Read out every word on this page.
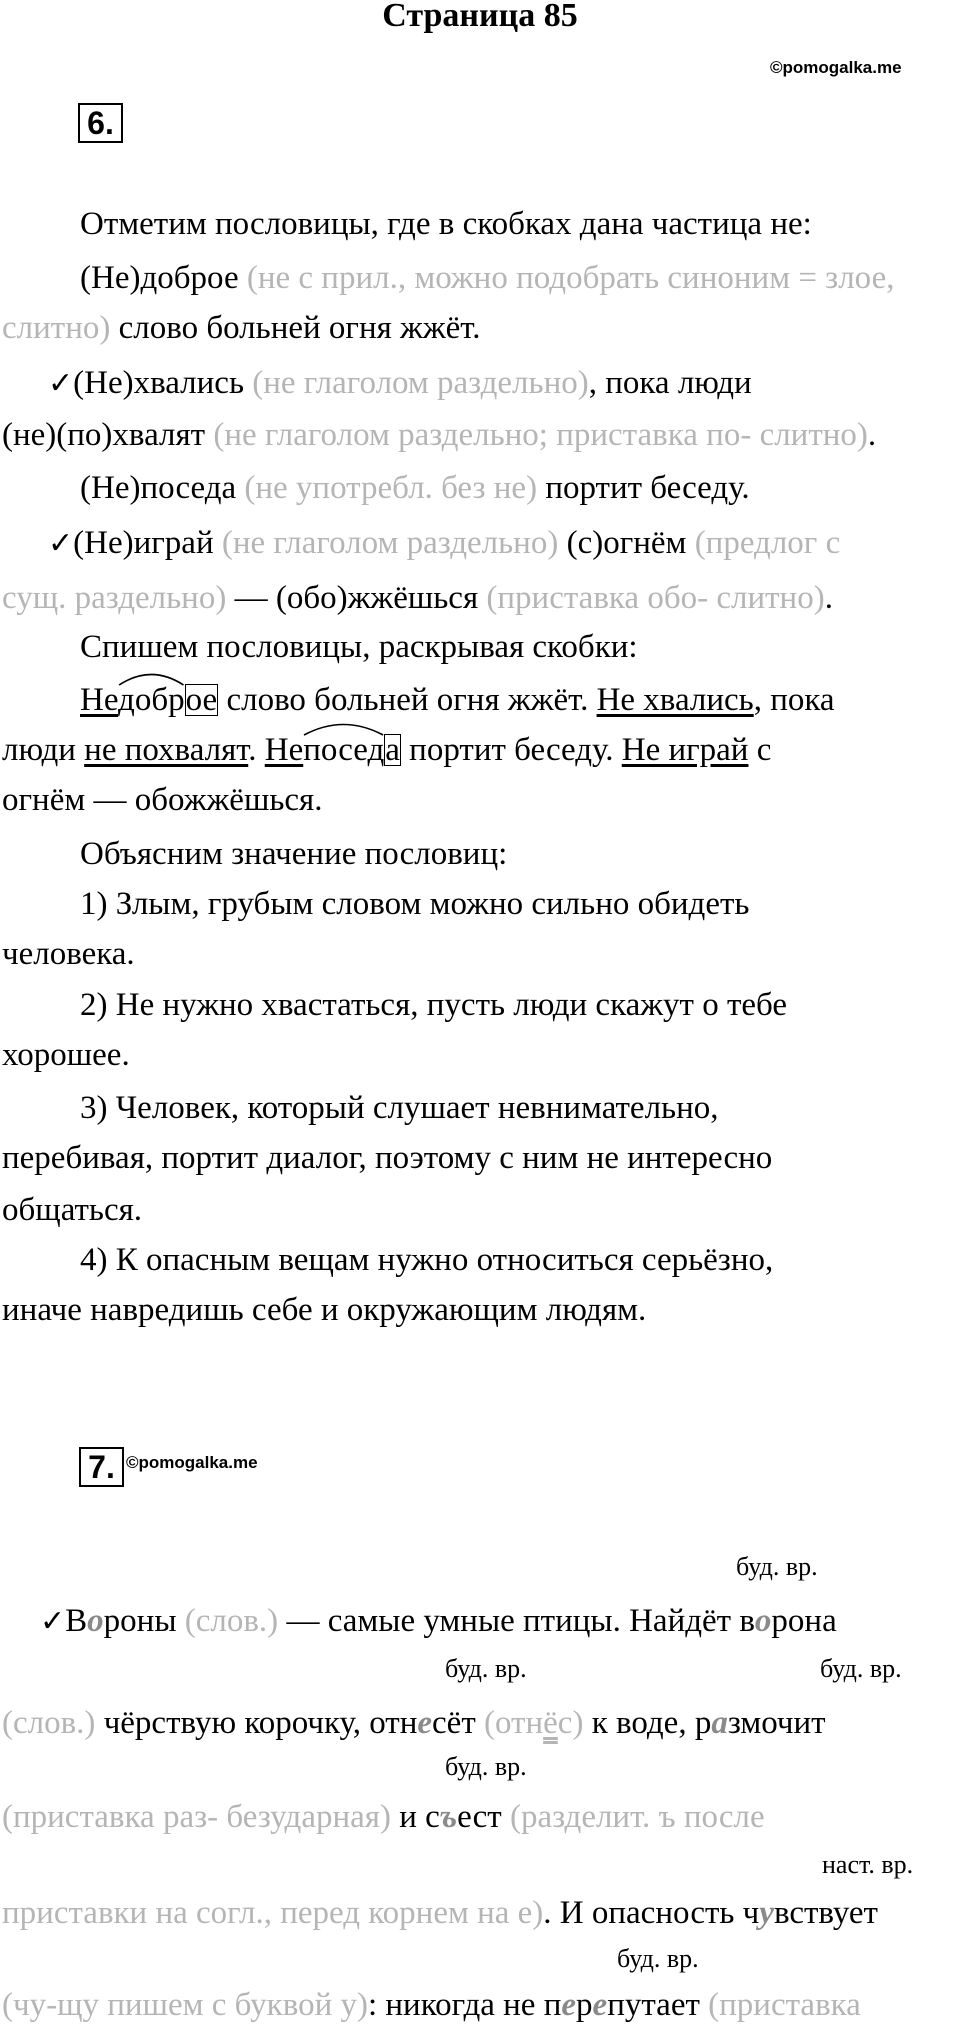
Страница 85
©pomogalka.me
6.
Отметим пословицы, где в скобках дана частица не:
(Не)доброе (не с прил., можно подобрать синоним = злое,
слитно) слово больней огня жжёт.
✓(Не)хвались (не глаголом раздельно), пока люди
(не)(по)хвалят (не глаголом раздельно; приставка по- слитно).
(Не)поседа (не употребл. без не) портит беседу.
✓(Не)играй (не глаголом раздельно) (с)огнём (предлог с
сущ. раздельно) — (обо)жжёшься (приставка обо- слитно).
Спишем пословицы, раскрывая скобки:
Недобр
ое слово больней огня жжёт. Не хвались, пока
люди не похвалят. Непосед
а портит беседу. Не играй с
огнём — обожжёшься.
Объясним значение пословиц:
1) Злым, грубым словом можно сильно обидеть
человека.
2) Не нужно хвастаться, пусть люди скажут о тебе
хорошее.
3) Человек, который слушает невнимательно,
перебивая, портит диалог, поэтому с ним не интересно
общаться.
4) К опасным вещам нужно относиться серьёзно,
иначе навредишь себе и окружающим людям.
7. ©pomogalka.me
буд. вр.
✓Вороны (слов.) — самые умные птицы. Найдёт ворона
буд. вр.	буд. вр.
(слов.) чёрствую корочку, отнесёт (отнёс) к воде, размочит
буд. вр.
(приставка раз- безударная) и съест (разделит. ъ после
наст. вр.
приставки на согл., перед корнем на е). И опасность чувствует
буд. вр.
(чу-щу пишем с буквой у): никогда не перепутает (приставка
